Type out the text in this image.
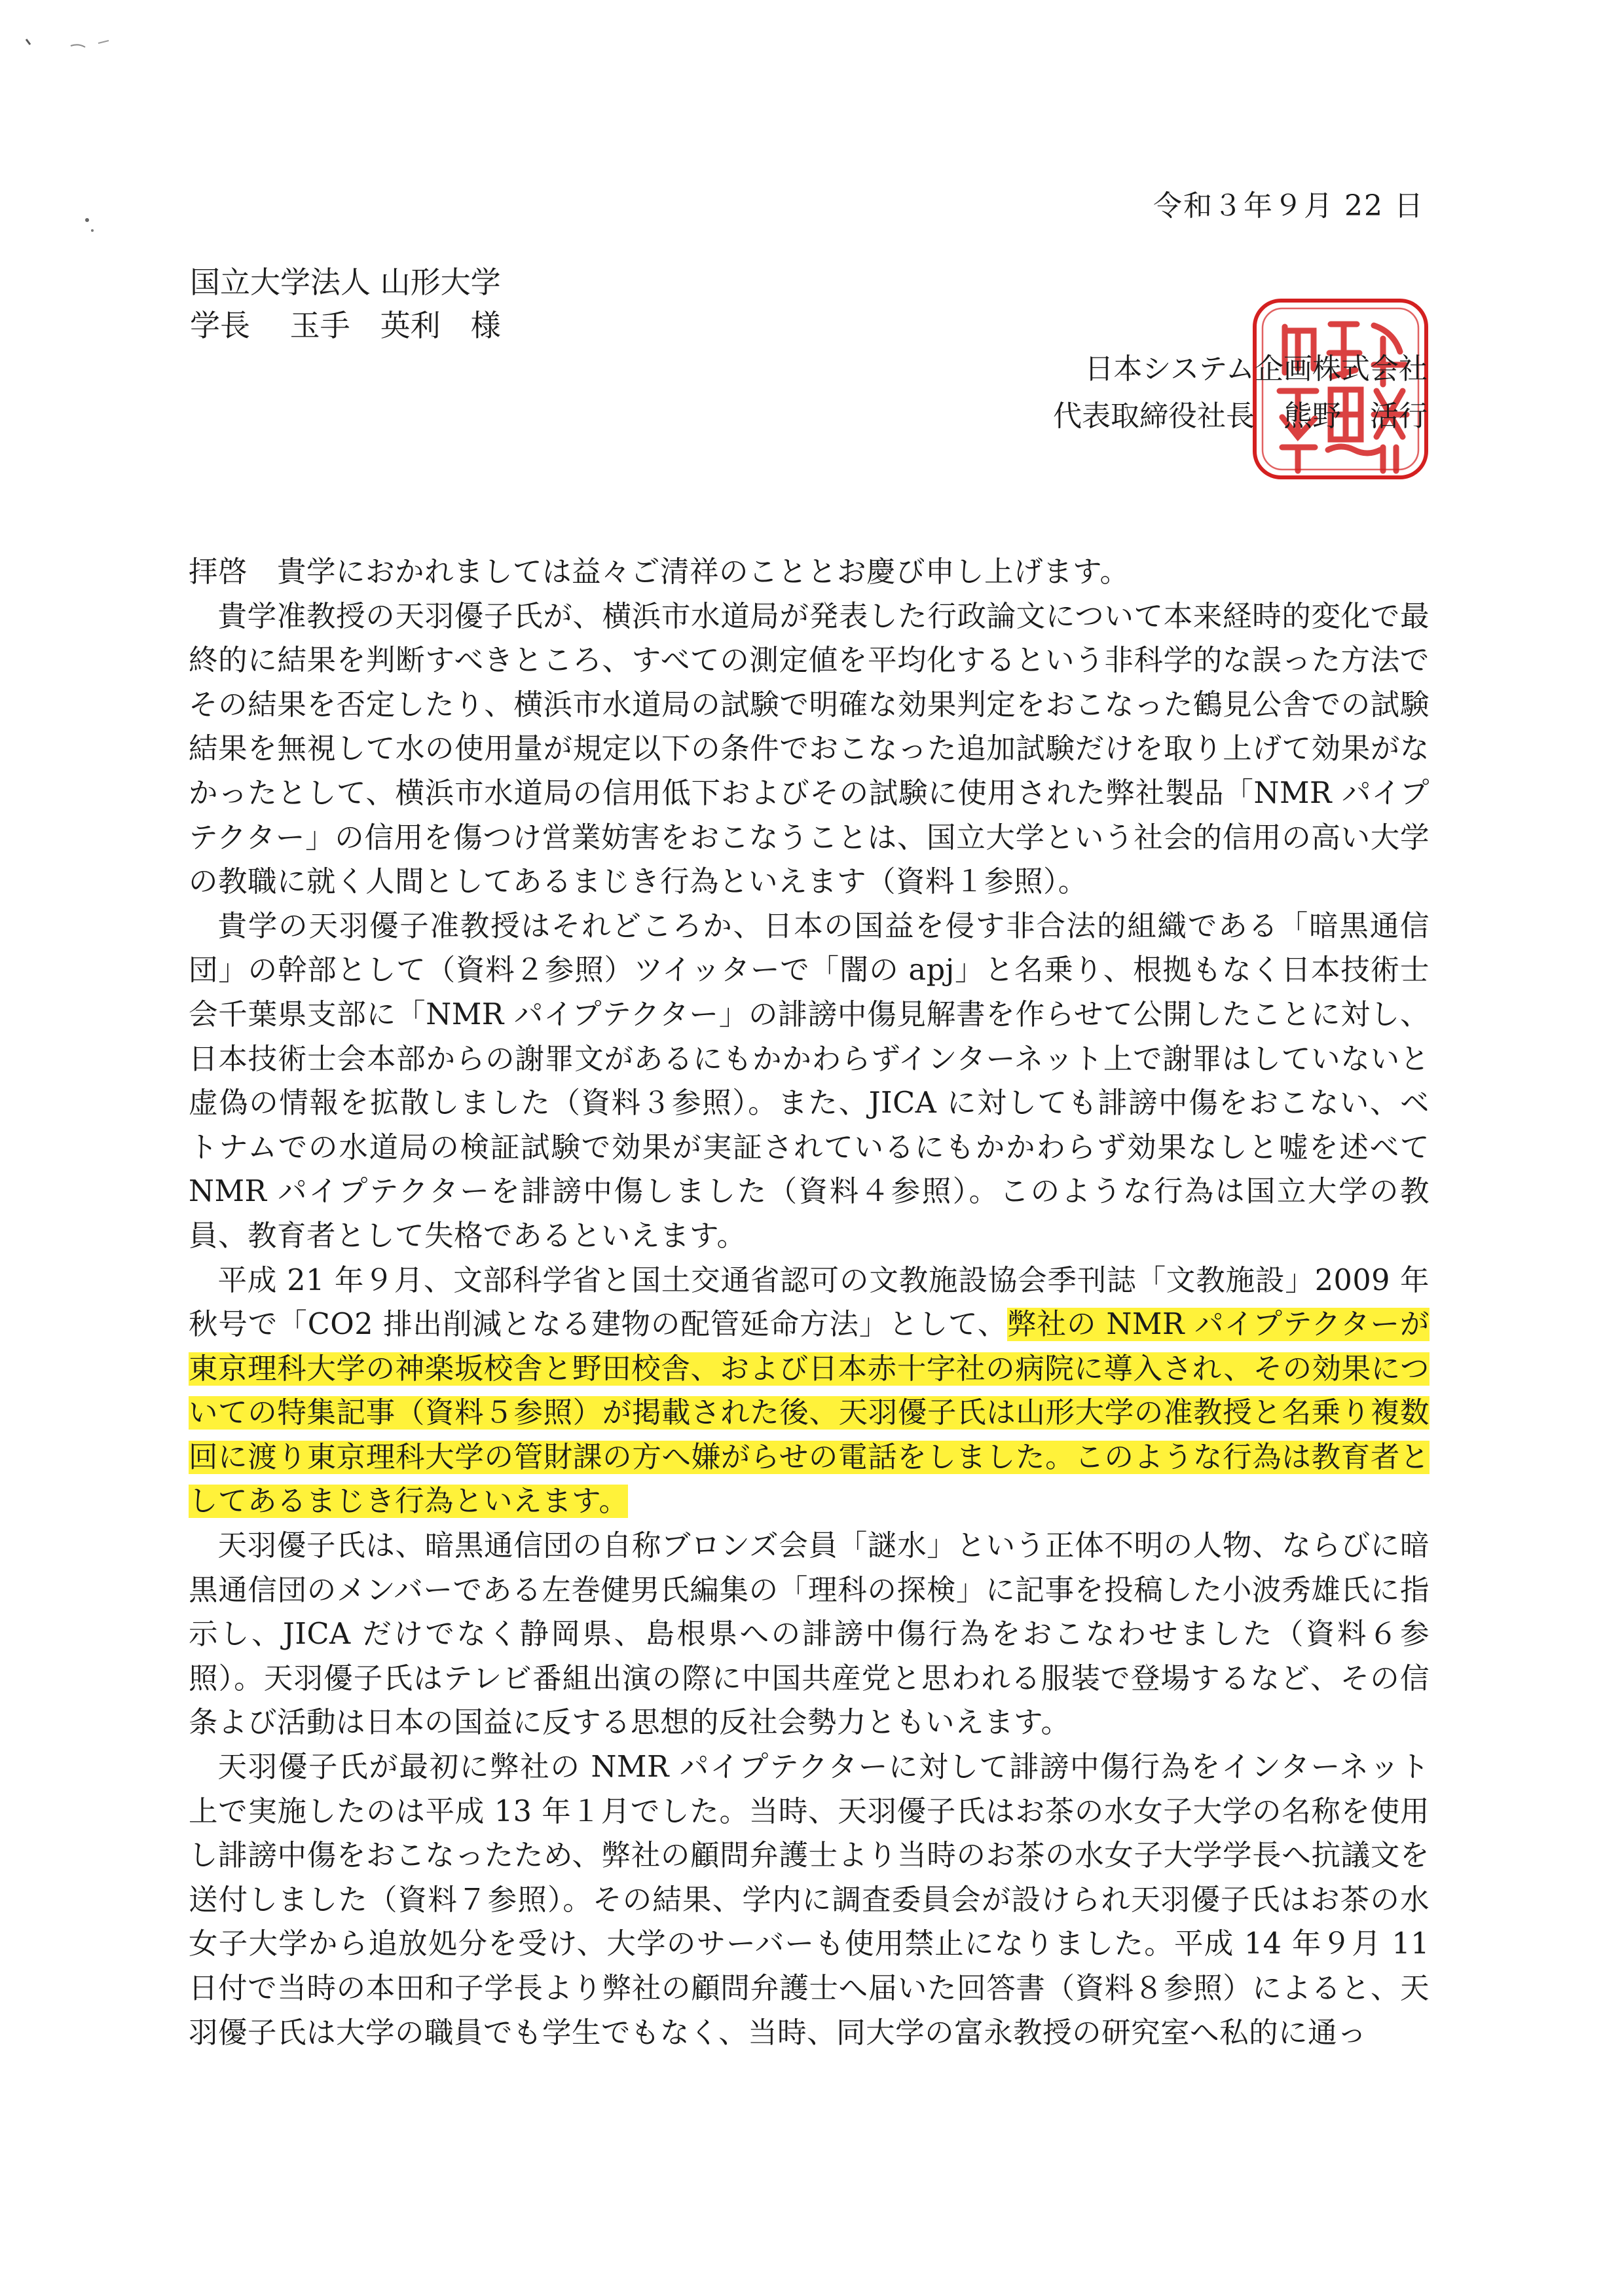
令和３年９月 22 日
国立大学法人 山形大学
学長　 玉手　英利　様
日本システム企画株式会社
代表取締役社長　熊野　活行

拝啓　貴学におかれましては益々ご清祥のこととお慶び申し上げます。

貴学准教授の天羽優子氏が、横浜市水道局が発表した行政論文について本来経時的変化で最終的に結果を判断すべきところ、すべての測定値を平均化するという非科学的な誤った方法でその結果を否定したり、横浜市水道局の試験で明確な効果判定をおこなった鶴見公舎での試験結果を無視して水の使用量が規定以下の条件でおこなった追加試験だけを取り上げて効果がなかったとして、横浜市水道局の信用低下およびその試験に使用された弊社製品「NMR パイプテクター」の信用を傷つけ営業妨害をおこなうことは、国立大学という社会的信用の高い大学の教職に就く人間としてあるまじき行為といえます（資料１参照）。

貴学の天羽優子准教授はそれどころか、日本の国益を侵す非合法的組織である「暗黒通信団」の幹部として（資料２参照）ツイッターで「闇の apj」と名乗り、根拠もなく日本技術士会千葉県支部に「NMR パイプテクター」の誹謗中傷見解書を作らせて公開したことに対し、日本技術士会本部からの謝罪文があるにもかかわらずインターネット上で謝罪はしていないと虚偽の情報を拡散しました（資料３参照）。また、JICA に対しても誹謗中傷をおこない、ベトナムでの水道局の検証試験で効果が実証されているにもかかわらず効果なしと嘘を述べて NMR パイプテクターを誹謗中傷しました（資料４参照）。このような行為は国立大学の教員、教育者として失格であるといえます。

平成 21 年９月、文部科学省と国土交通省認可の文教施設協会季刊誌「文教施設」2009 年秋号で「CO2 排出削減となる建物の配管延命方法」として、弊社の NMR パイプテクターが東京理科大学の神楽坂校舎と野田校舎、および日本赤十字社の病院に導入され、その効果についての特集記事（資料５参照）が掲載された後、天羽優子氏は山形大学の准教授と名乗り複数回に渡り東京理科大学の管財課の方へ嫌がらせの電話をしました。このような行為は教育者としてあるまじき行為といえます。

天羽優子氏は、暗黒通信団の自称ブロンズ会員「謎水」という正体不明の人物、ならびに暗黒通信団のメンバーである左巻健男氏編集の「理科の探検」に記事を投稿した小波秀雄氏に指示し、JICA だけでなく静岡県、島根県への誹謗中傷行為をおこなわせました（資料６参照）。天羽優子氏はテレビ番組出演の際に中国共産党と思われる服装で登場するなど、その信条よび活動は日本の国益に反する思想的反社会勢力ともいえます。

天羽優子氏が最初に弊社の NMR パイプテクターに対して誹謗中傷行為をインターネット上で実施したのは平成 13 年１月でした。当時、天羽優子氏はお茶の水女子大学の名称を使用し誹謗中傷をおこなったため、弊社の顧問弁護士より当時のお茶の水女子大学学長へ抗議文を送付しました（資料７参照）。その結果、学内に調査委員会が設けられ天羽優子氏はお茶の水女子大学から追放処分を受け、大学のサーバーも使用禁止になりました。平成 14 年９月 11 日付で当時の本田和子学長より弊社の顧問弁護士へ届いた回答書（資料８参照）によると、天羽優子氏は大学の職員でも学生でもなく、当時、同大学の富永教授の研究室へ私的に通っ
